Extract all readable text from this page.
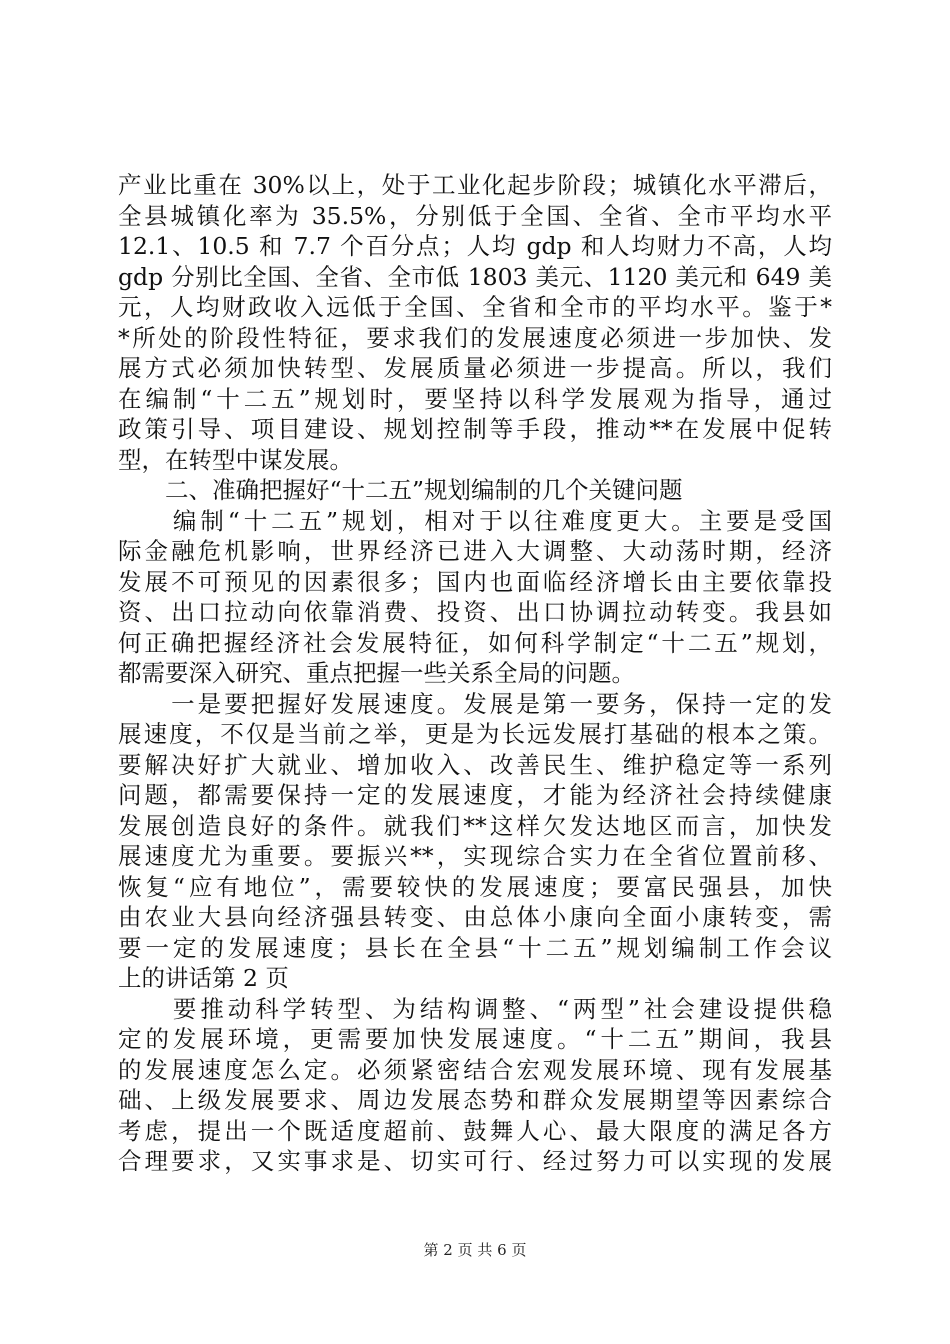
产业比重在 30%以上，处于工业化起步阶段；城镇化水平滞后，
全县城镇化率为 35.5%，分别低于全国、全省、全市平均水平
12.1、10.5 和 7.7 个百分点；人均 gdp 和人均财力不高，人均
gdp 分别比全国、全省、全市低 1803 美元、1120 美元和 649 美
元，人均财政收入远低于全国、全省和全市的平均水平。鉴于*
*所处的阶段性特征，要求我们的发展速度必须进一步加快、发
展方式必须加快转型、发展质量必须进一步提高。所以，我们
在编制“十二五”规划时，要坚持以科学发展观为指导，通过
政策引导、项目建设、规划控制等手段，推动**在发展中促转
型，在转型中谋发展。
　　二、准确把握好“十二五”规划编制的几个关键问题
　　编制“十二五”规划，相对于以往难度更大。主要是受国
际金融危机影响，世界经济已进入大调整、大动荡时期，经济
发展不可预见的因素很多；国内也面临经济增长由主要依靠投
资、出口拉动向依靠消费、投资、出口协调拉动转变。我县如
何正确把握经济社会发展特征，如何科学制定“十二五”规划，
都需要深入研究、重点把握一些关系全局的问题。
　　一是要把握好发展速度。发展是第一要务，保持一定的发
展速度，不仅是当前之举，更是为长远发展打基础的根本之策。
要解决好扩大就业、增加收入、改善民生、维护稳定等一系列
问题，都需要保持一定的发展速度，才能为经济社会持续健康
发展创造良好的条件。就我们**这样欠发达地区而言，加快发
展速度尤为重要。要振兴**，实现综合实力在全省位置前移、
恢复“应有地位”，需要较快的发展速度；要富民强县，加快
由农业大县向经济强县转变、由总体小康向全面小康转变，需
要一定的发展速度；县长在全县“十二五”规划编制工作会议
上的讲话第 2 页
　　要推动科学转型、为结构调整、“两型”社会建设提供稳
定的发展环境，更需要加快发展速度。“十二五”期间，我县
的发展速度怎么定。必须紧密结合宏观发展环境、现有发展基
础、上级发展要求、周边发展态势和群众发展期望等因素综合
考虑，提出一个既适度超前、鼓舞人心、最大限度的满足各方
合理要求，又实事求是、切实可行、经过努力可以实现的发展
第 2 页 共 6 页
